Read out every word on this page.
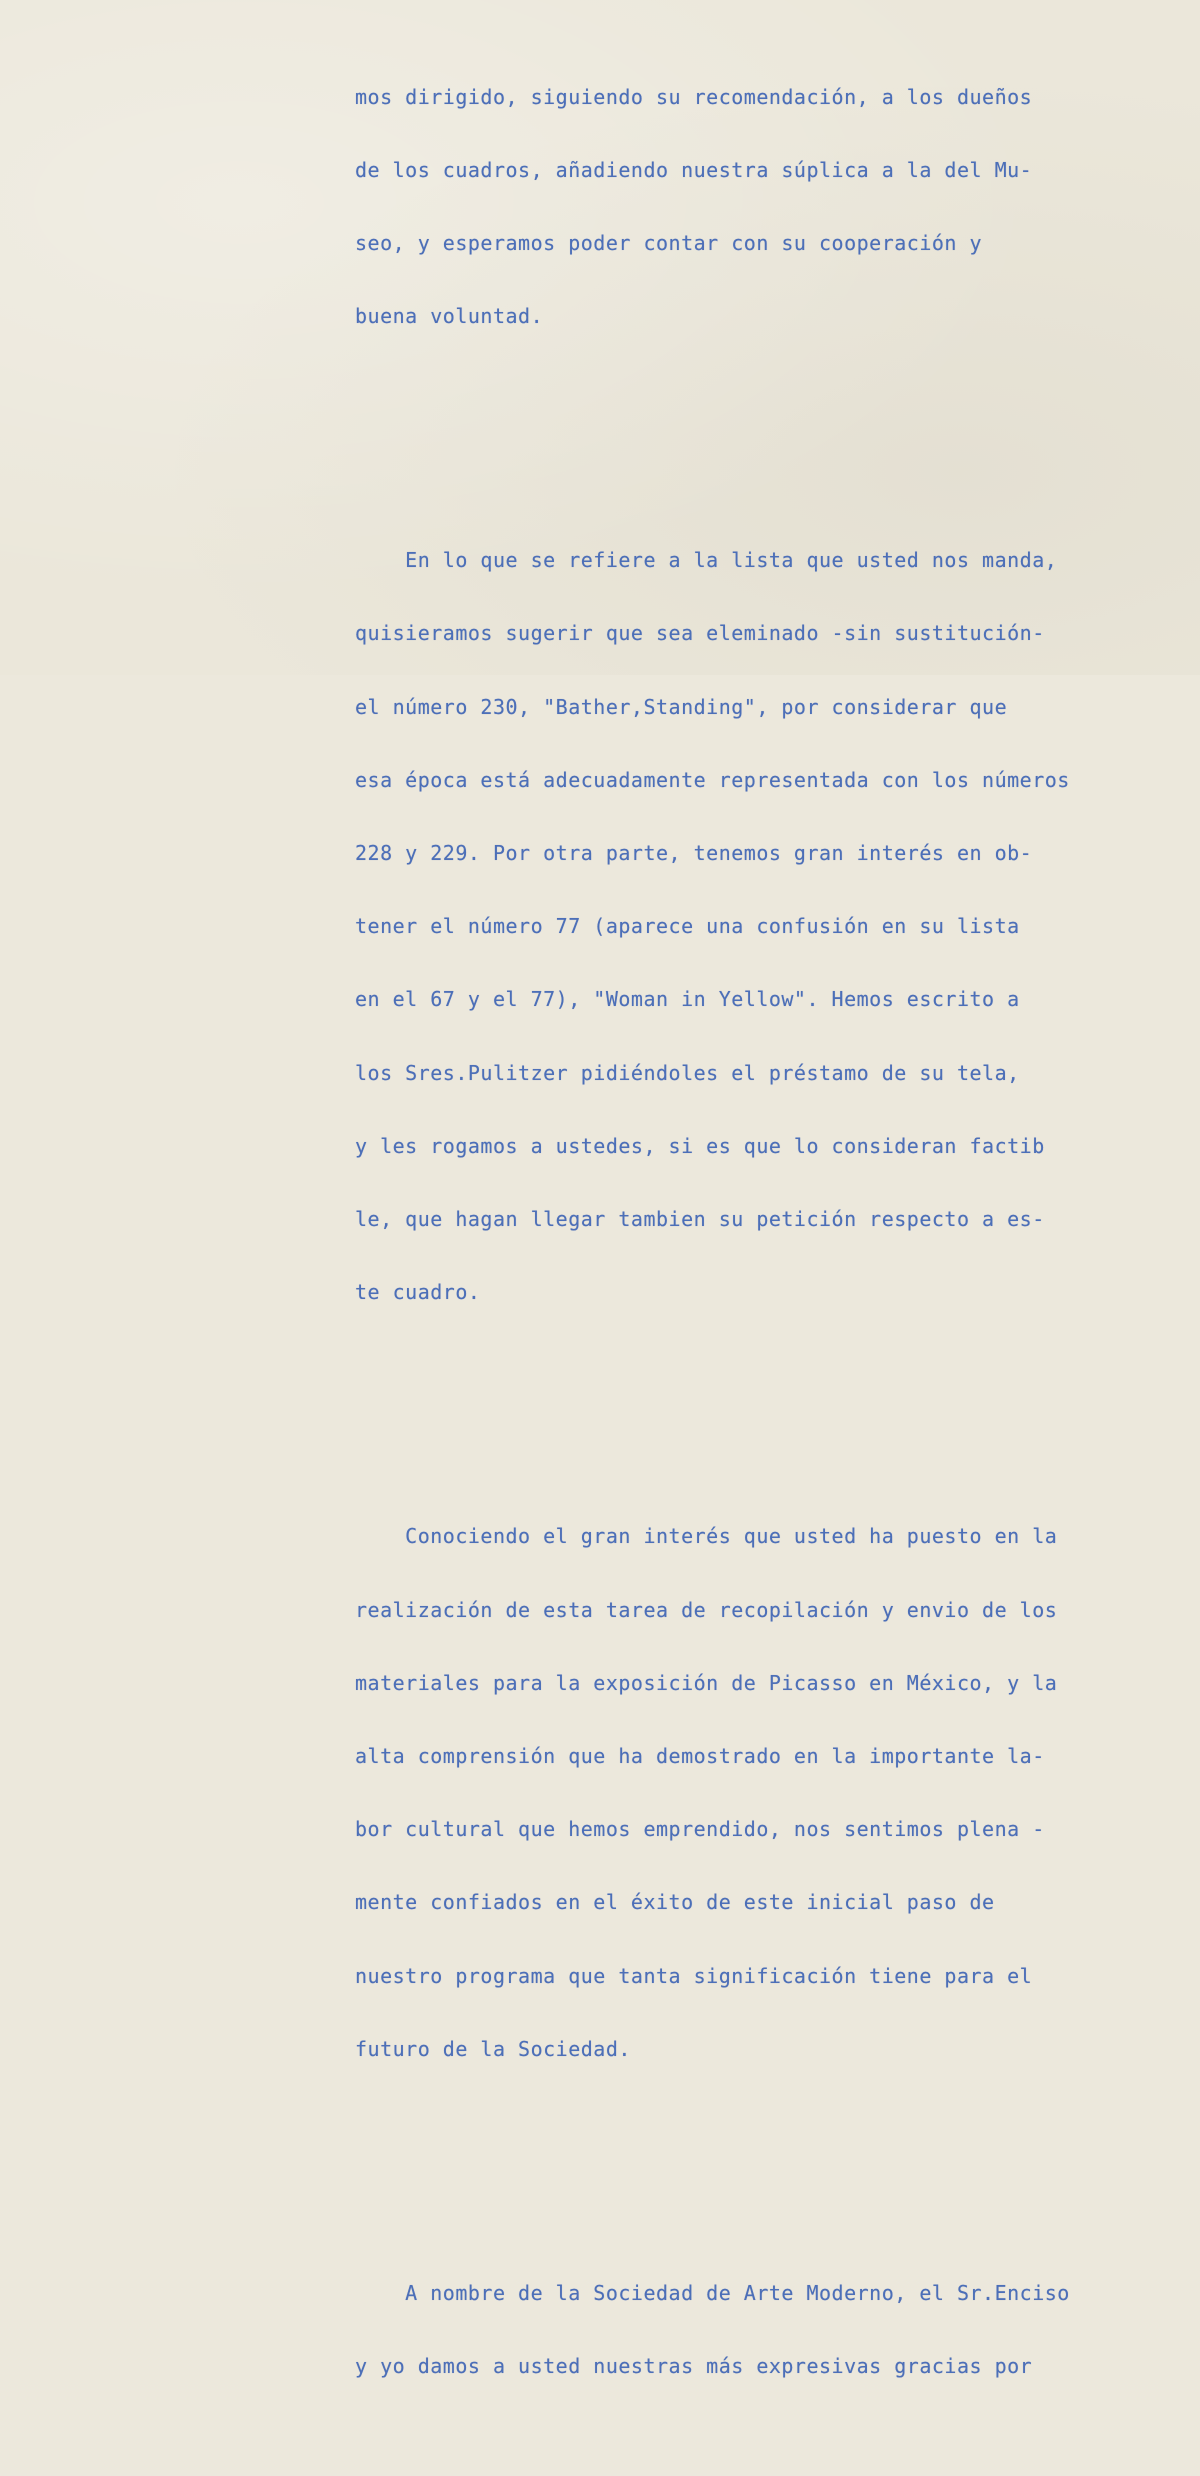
mos dirigido, siguiendo su recomendación, a los dueños

de los cuadros, añadiendo nuestra súplica a la del Mu-

seo, y esperamos poder contar con su cooperación y

buena voluntad.

En lo que se refiere a la lista que usted nos manda,

quisieramos sugerir que sea eleminado -sin sustitución-

el número 230, "Bather,Standing", por considerar que

esa época está adecuadamente representada con los números

228 y 229. Por otra parte, tenemos gran interés en ob-

tener el número 77 (aparece una confusión en su lista

en el 67 y el 77), "Woman in Yellow". Hemos escrito a

los Sres.Pulitzer pidiéndoles el préstamo de su tela,

y les rogamos a ustedes, si es que lo consideran factib

le, que hagan llegar tambien su petición respecto a es-

te cuadro.

Conociendo el gran interés que usted ha puesto en la

realización de esta tarea de recopilación y envio de los

materiales para la exposición de Picasso en México, y la

alta comprensión que ha demostrado en la importante la-

bor cultural que hemos emprendido, nos sentimos plena -

mente confiados en el éxito de este inicial paso de

nuestro programa que tanta significación tiene para el

futuro de la Sociedad.

A nombre de la Sociedad de Arte Moderno, el Sr.Enciso

y yo damos a usted nuestras más expresivas gracias por
